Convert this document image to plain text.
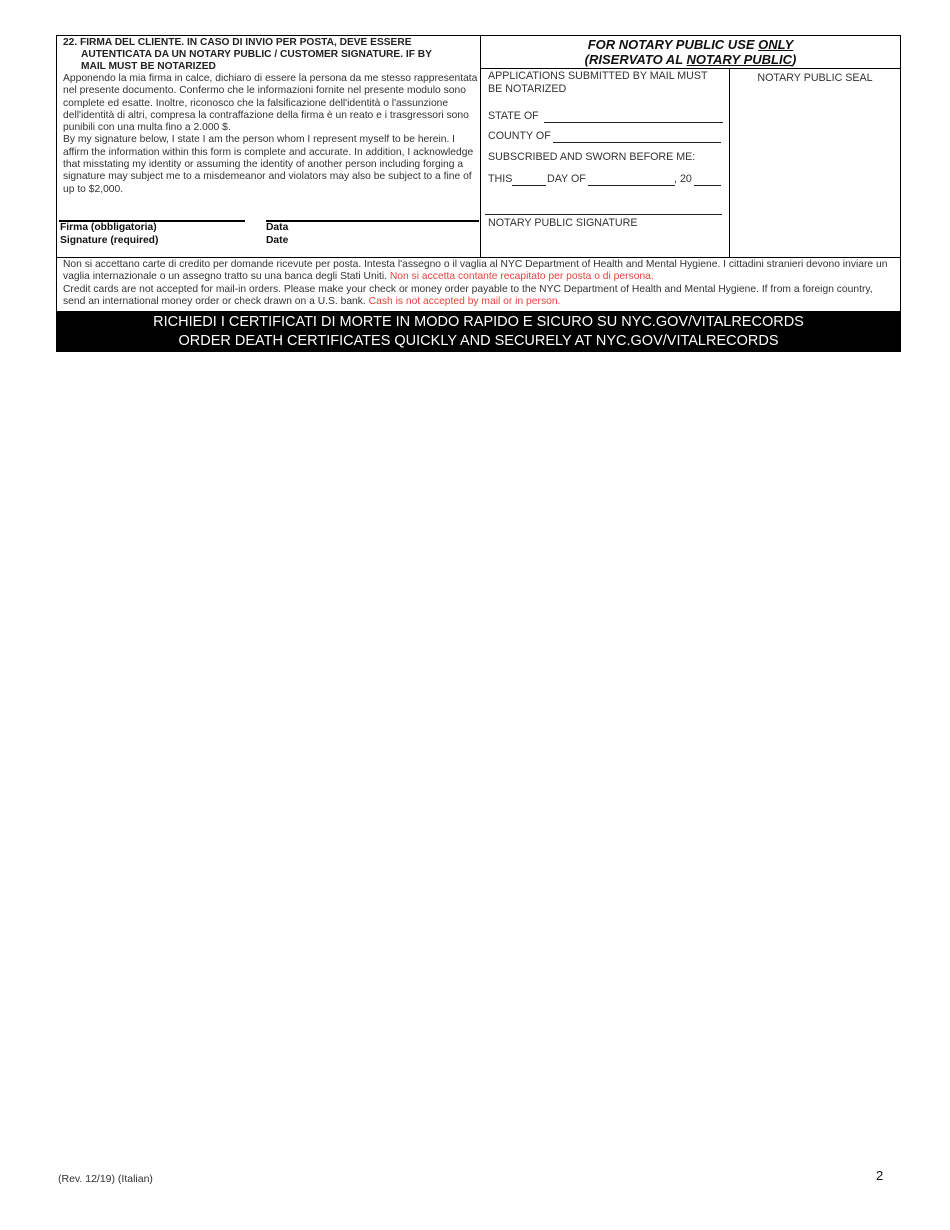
22. FIRMA DEL CLIENTE. IN CASO DI INVIO PER POSTA, DEVE ESSERE
AUTENTICATA DA UN NOTARY PUBLIC / CUSTOMER SIGNATURE. IF BY
MAIL MUST BE NOTARIZED
Apponendo la mia firma in calce, dichiaro di essere la persona da me stesso rappresentata nel presente documento. Confermo che le informazioni fornite nel presente modulo sono complete ed esatte. Inoltre, riconosco che la falsificazione dell'identità o l'assunzione dell'identità di altri, compresa la contraffazione della firma è un reato e i trasgressori sono punibili con una multa fino a 2.000 $.
By my signature below, I state I am the person whom I represent myself to be herein. I affirm the information within this form is complete and accurate. In addition, I acknowledge that misstating my identity or assuming the identity of another person including forging a signature may subject me to a misdemeanor and violators may also be subject to a fine of up to $2,000.
Firma (obbligatoria)
Signature (required)
Data
Date
FOR NOTARY PUBLIC USE ONLY
(RISERVATO AL NOTARY PUBLIC)
APPLICATIONS SUBMITTED BY MAIL MUST BE NOTARIZED
STATE OF
COUNTY OF
SUBSCRIBED AND SWORN BEFORE ME:
THIS	DAY OF	, 20
NOTARY PUBLIC SIGNATURE
NOTARY PUBLIC SEAL
Non si accettano carte di credito per domande ricevute per posta. Intesta l'assegno o il vaglia al NYC Department of Health and Mental Hygiene. I cittadini stranieri devono inviare un vaglia internazionale o un assegno tratto su una banca degli Stati Uniti. Non si accetta contante recapitato per posta o di persona.
Credit cards are not accepted for mail-in orders. Please make your check or money order payable to the NYC Department of Health and Mental Hygiene. If from a foreign country, send an international money order or check drawn on a U.S. bank. Cash is not accepted by mail or in person.
RICHIEDI I CERTIFICATI DI MORTE IN MODO RAPIDO E SICURO SU NYC.GOV/VITALRECORDS
ORDER DEATH CERTIFICATES QUICKLY AND SECURELY AT NYC.GOV/VITALRECORDS
(Rev. 12/19) (Italian)	2
